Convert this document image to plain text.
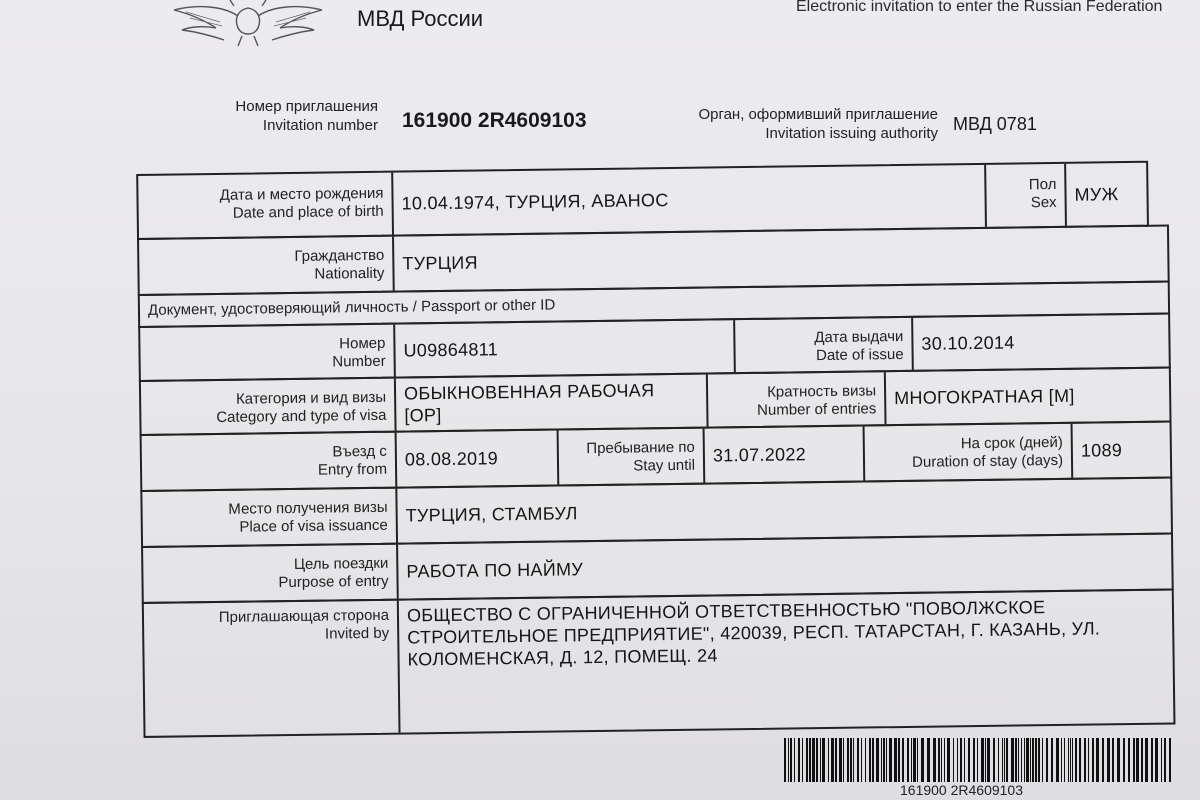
МВД России	Electronic invitation to enter the Russian Federation
Номер приглашения
Invitation number 161900 2R4609103	Орган, оформивший приглашение
Invitation issuing authority МВД 0781
Дата и место рождения
Date and place of birth 10.04.1974, ТУРЦИЯ, АВАНОС
Пол
Sex МУЖ
Гражданство
Nationality
ТУРЦИЯ
Документ, удостоверяющий личность / Passport or other ID
Номер
Number
U09864811
Дата выдачи
Date of issue
30.10.2014
Категория и вид визы
Category and type of visa
ОБЫКНОВЕННАЯ РАБОЧАЯ
[ОР]
Кратность визы
Number of entries
МНОГОКРАТНАЯ [М]
Въезд с
Entry from
08.08.2019
Пребывание по
Stay until
31.07.2022
На срок (дней)
Duration of stay (days)
1089
Место получения визы
Place of visa issuance
ТУРЦИЯ, СТАМБУЛ
Цель поездки
Purpose of entry
РАБОТА ПО НАЙМУ
Приглашающая сторона
Invited by
ОБЩЕСТВО С ОГРАНИЧЕННОЙ ОТВЕТСТВЕННОСТЬЮ "ПОВОЛЖСКОЕ
СТРОИТЕЛЬНОЕ ПРЕДПРИЯТИЕ", 420039, РЕСП. ТАТАРСТАН, Г. КАЗАНЬ, УЛ.
КОЛОМЕНСКАЯ, Д. 12, ПОМЕЩ. 24
161900 2R4609103
